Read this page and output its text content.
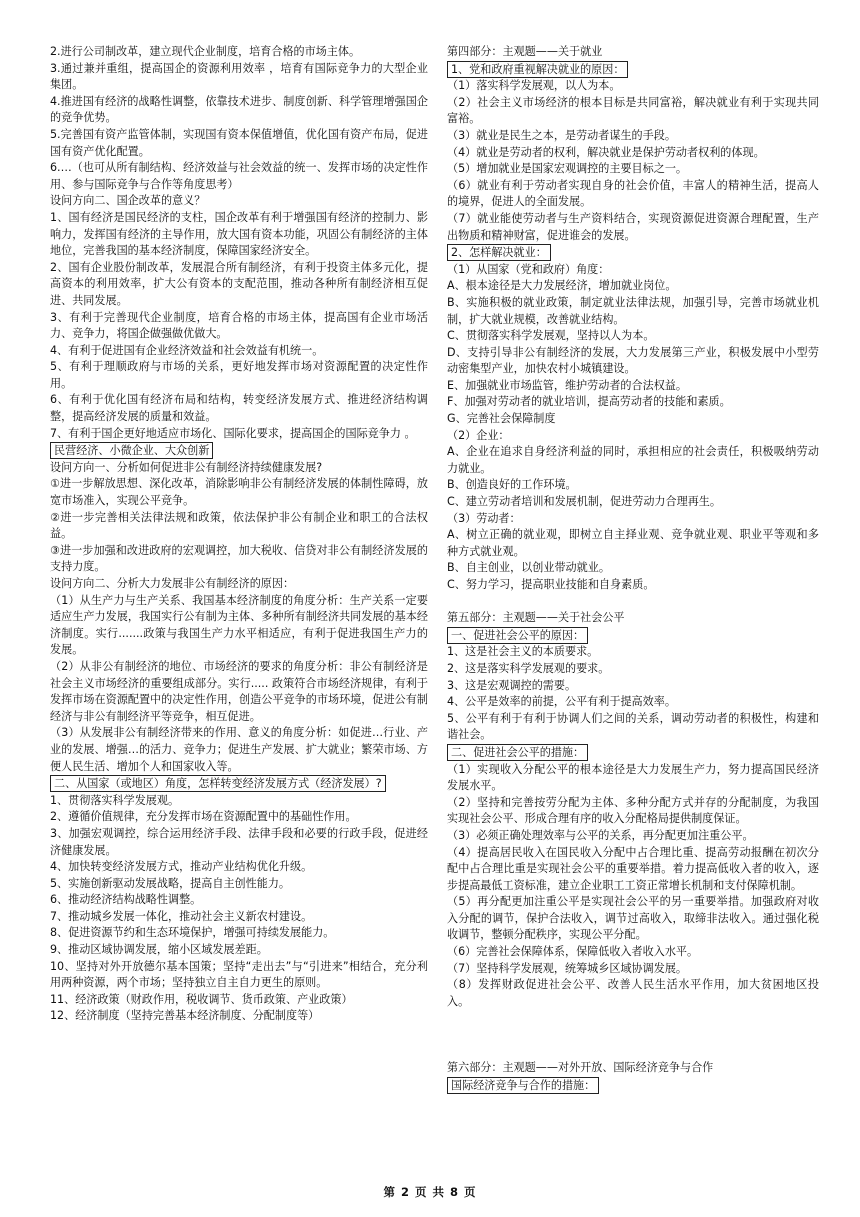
2.进行公司制改革，建立现代企业制度，培育合格的市场主体。

3.通过兼并重组，提高国企的资源利用效率 ，培育有国际竞争力的大型企业集团。

4.推进国有经济的战略性调整，依靠技术进步、制度创新、科学管理增强国企的竞争优势。

5.完善国有资产监管体制，实现国有资本保值增值，优化国有资产布局，促进国有资产优化配置。

6.…（也可从所有制结构、经济效益与社会效益的统一、发挥市场的决定性作用、参与国际竞争与合作等角度思考）

设问方向二、国企改革的意义？

1、国有经济是国民经济的支柱，国企改革有利于增强国有经济的控制力、影响力，发挥国有经济的主导作用，放大国有资本功能，巩固公有制经济的主体地位，完善我国的基本经济制度，保障国家经济安全。

2、国有企业股份制改革，发展混合所有制经济，有利于投资主体多元化，提高资本的利用效率，扩大公有资本的支配范围，推动各种所有制经济相互促进、共同发展。

3、有利于完善现代企业制度，培育合格的市场主体，提高国有企业市场活力、竞争力，将国企做强做优做大。

4、有利于促进国有企业经济效益和社会效益有机统一。

5、有利于理顺政府与市场的关系，更好地发挥市场对资源配置的决定性作用。

6、有利于优化国有经济布局和结构，转变经济发展方式、推进经济结构调整，提高经济发展的质量和效益。

7、有利于国企更好地适应市场化、国际化要求，提高国企的国际竞争力 。

民营经济、小微企业、大众创新

设问方向一、分析如何促进非公有制经济持续健康发展?

①进一步解放思想、深化改革，消除影响非公有制经济发展的体制性障碍，放宽市场准入，实现公平竞争。

②进一步完善相关法律法规和政策，依法保护非公有制企业和职工的合法权益。

③进一步加强和改进政府的宏观调控，加大税收、信贷对非公有制经济发展的支持力度。

设问方向二、分析大力发展非公有制经济的原因：

（1）从生产力与生产关系、我国基本经济制度的角度分析：生产关系一定要适应生产力发展，我国实行公有制为主体、多种所有制经济共同发展的基本经济制度。实行.......政策与我国生产力水平相适应，有利于促进我国生产力的发展。

（2）从非公有制经济的地位、市场经济的要求的角度分析：非公有制经济是社会主义市场经济的重要组成部分。实行..... 政策符合市场经济规律，有利于发挥市场在资源配置中的决定性作用，创造公平竞争的市场环境，促进公有制经济与非公有制经济平等竞争，相互促进。

（3）从发展非公有制经济带来的作用、意义的角度分析：如促进…行业、产业的发展、增强…的活力、竞争力；促进生产发展、扩大就业；繁荣市场、方便人民生活、增加个人和国家收入等。

二、从国家（或地区）角度，怎样转变经济发展方式（经济发展）?

1、贯彻落实科学发展观。

2、遵循价值规律，充分发挥市场在资源配置中的基础性作用。

3、加强宏观调控，综合运用经济手段、法律手段和必要的行政手段，促进经济健康发展。

4、加快转变经济发展方式，推动产业结构优化升级。

5、实施创新驱动发展战略，提高自主创性能力。

6、推动经济结构战略性调整。

7、推动城乡发展一体化，推动社会主义新农村建设。

8、促进资源节约和生态环境保护，增强可持续发展能力。

9、推动区域协调发展，缩小区域发展差距。

10、坚持对外开放德尔基本国策；坚持“走出去”与“引进来”相结合，充分利用两种资源，两个市场；坚持独立自主自力更生的原则。

11、经济政策（财政作用，税收调节、货币政策、产业政策）

12、经济制度（坚持完善基本经济制度、分配制度等）

第四部分：主观题——关于就业

1、党和政府重视解决就业的原因：

（1）落实科学发展观，以人为本。

（2）社会主义市场经济的根本目标是共同富裕，解决就业有利于实现共同富裕。

（3）就业是民生之本，是劳动者谋生的手段。

（4）就业是劳动者的权利，解决就业是保护劳动者权利的体现。

（5）增加就业是国家宏观调控的主要目标之一。

（6）就业有利于劳动者实现自身的社会价值，丰富人的精神生活，提高人的境界，促进人的全面发展。

（7）就业能使劳动者与生产资料结合，实现资源促进资源合理配置，生产出物质和精神财富，促进谁会的发展。

2、怎样解决就业：

（1）从国家（党和政府）角度：

A、根本途径是大力发展经济，增加就业岗位。

B、实施积极的就业政策，制定就业法律法规，加强引导，完善市场就业机制，扩大就业规模，改善就业结构。

C、贯彻落实科学发展观，坚持以人为本。

D、支持引导非公有制经济的发展，大力发展第三产业，积极发展中小型劳动密集型产业，加快农村小城镇建设。

E、加强就业市场监管，维护劳动者的合法权益。

F、加强对劳动者的就业培训，提高劳动者的技能和素质。

G、完善社会保障制度

（2）企业：

A、企业在追求自身经济利益的同时，承担相应的社会责任，积极吸纳劳动力就业。

B、创造良好的工作环境。

C、建立劳动者培训和发展机制，促进劳动力合理再生。

（3）劳动者：

A、树立正确的就业观，即树立自主择业观、竞争就业观、职业平等观和多种方式就业观。

B、自主创业，以创业带动就业。

C、努力学习，提高职业技能和自身素质。

第五部分：主观题——关于社会公平

一、促进社会公平的原因：

1、这是社会主义的本质要求。

2、这是落实科学发展观的要求。

3、这是宏观调控的需要。

4、公平是效率的前提，公平有利于提高效率。

5、公平有利于有利于协调人们之间的关系，调动劳动者的积极性，构建和谐社会。

二、促进社会公平的措施：

（1）实现收入分配公平的根本途径是大力发展生产力，努力提高国民经济发展水平。

（2）坚持和完善按劳分配为主体、多种分配方式并存的分配制度，为我国实现社会公平、形成合理有序的收入分配格局提供制度保证。

（3）必须正确处理效率与公平的关系，再分配更加注重公平。

（4）提高居民收入在国民收入分配中占合理比重、提高劳动报酬在初次分配中占合理比重是实现社会公平的重要举措。着力提高低收入者的收入，逐步提高最低工资标准，建立企业职工工资正常增长机制和支付保障机制。

（5）再分配更加注重公平是实现社会公平的另一重要举措。加强政府对收入分配的调节，保护合法收入，调节过高收入，取缔非法收入。通过强化税收调节，整顿分配秩序，实现公平分配。

（6）完善社会保障体系，保障低收入者收入水平。

（7）坚持科学发展观，统筹城乡区域协调发展。

（8）发挥财政促进社会公平、改善人民生活水平作用，加大贫困地区投入。

第六部分：主观题——对外开放、国际经济竞争与合作

国际经济竞争与合作的措施：
第 2 页 共 8 页
